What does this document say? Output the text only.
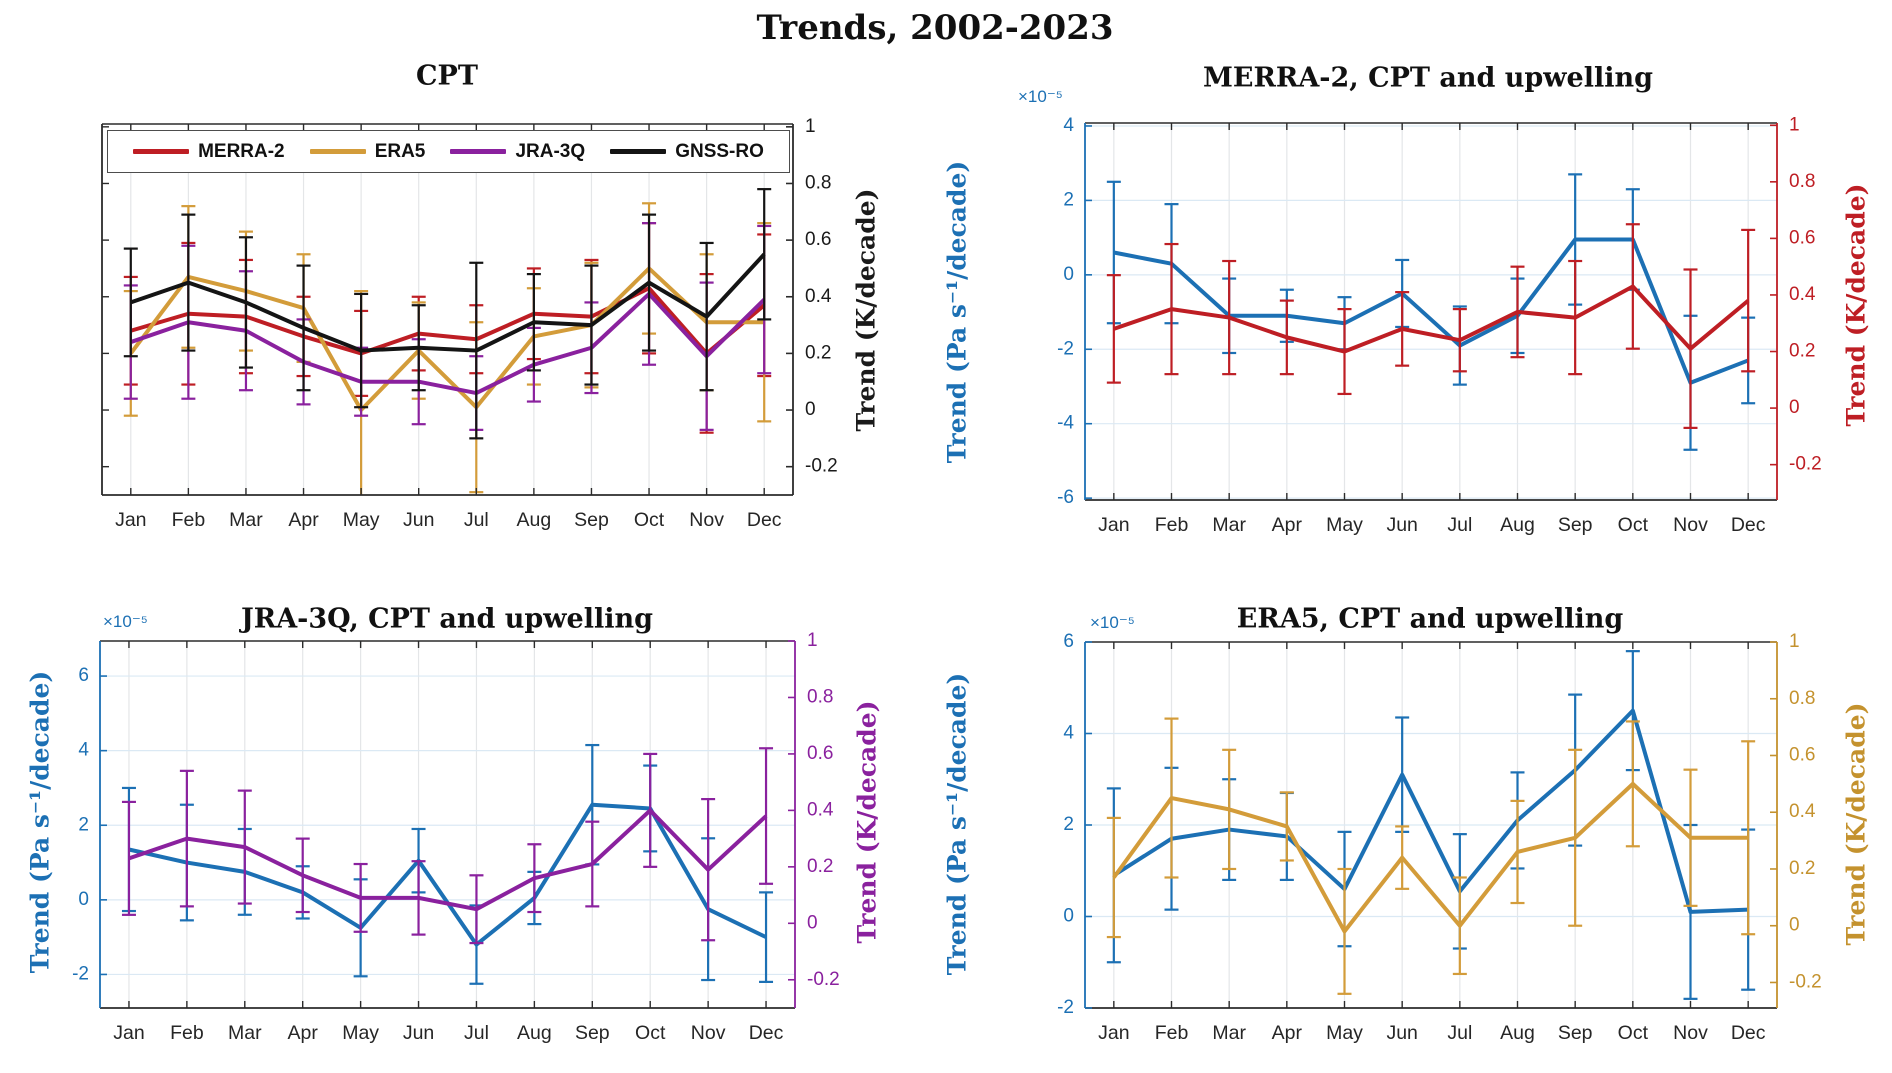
Jan Feb Mar Apr May Jun Jul Aug Sep Oct Nov Dec
1
0.8
0.6
0.4
0.2
0
-0.2
Jan Feb Mar Apr May Jun Jul Aug Sep Oct Nov Dec
1
0.8
0.6
0.4
0.2
0
-0.2
4
2
0
-2
-4
-6
Jan Feb Mar Apr May Jun Jul Aug Sep Oct Nov Dec
1
0.8
0.6
0.4
0.2
0
-0.2
6
4
2
0
-2
Jan Feb Mar Apr May Jun Jul Aug Sep Oct Nov Dec
1
0.8
0.6
0.4
0.2
0
-0.2
6
4
2
0
-2
Trends, 2002-2023
CPT	MERRA-2, CPT and upwelling
JRA-3Q, CPT and upwelling	ERA5, CPT and upwelling
Trend (K/decade) Trend (Pa s⁻¹/decade)	Trend (K/decade)
Trend (Pa s⁻¹/decade)	Trend (K/decade) Trend (Pa s⁻¹/decade)	Trend (K/decade)
×10⁻⁵
×10⁻⁵	×10⁻⁵
MERRA-2	ERA5	JRA-3Q	GNSS-RO
